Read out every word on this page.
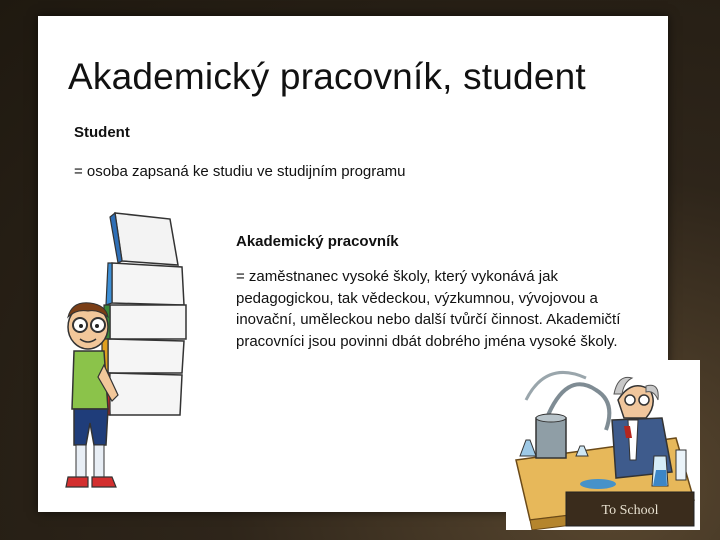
Akademický pracovník, student
Student
= osoba zapsaná ke studiu ve studijním programu
Akademický pracovník
= zaměstnanec vysoké školy, který vykonává jak pedagogickou, tak vědeckou, výzkumnou, vývojovou a inovační, uměleckou nebo další tvůrčí činnost. Akademičtí pracovníci jsou povinni dbát dobrého jména vysoké školy.
To School
